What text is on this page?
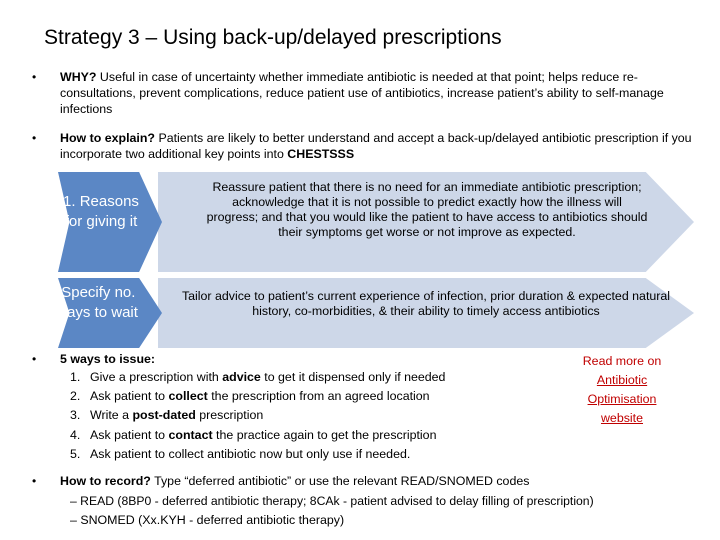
Strategy 3 – Using back-up/delayed prescriptions
• WHY? Useful in case of uncertainty whether immediate antibiotic is needed at that point; helps reduce re-consultations, prevent complications, reduce patient use of antibiotics, increase patient’s ability to self-manage infections
• How to explain? Patients are likely to better understand and accept a back-up/delayed antibiotic prescription if you incorporate two additional key points into CHESTSSS
Reassure patient that there is no need for an immediate antibiotic prescription; acknowledge that it is not possible to predict exactly how the illness will progress; and that you would like the patient to have access to antibiotics should their symptoms get worse or not improve as expected.
1. Reasons for giving it
Tailor advice to patient’s current experience of infection, prior duration & expected natural history, co-morbidities, & their ability to timely access antibiotics
2. Specify no. of days to wait
• 5 ways to issue:
1. Give a prescription with advice to get it dispensed only if needed
2. Ask patient to collect the prescription from an agreed location
3. Write a post-dated prescription
4. Ask patient to contact the practice again to get the prescription
5. Ask patient to collect antibiotic now but only use if needed.
Read more on
Antibiotic Optimisation
website
• How to record? Type “deferred antibiotic” or use the relevant READ/SNOMED codes
– READ (8BP0 - deferred antibiotic therapy; 8CAk - patient advised to delay filling of prescription)
– SNOMED (Xx.KYH - deferred antibiotic therapy)
